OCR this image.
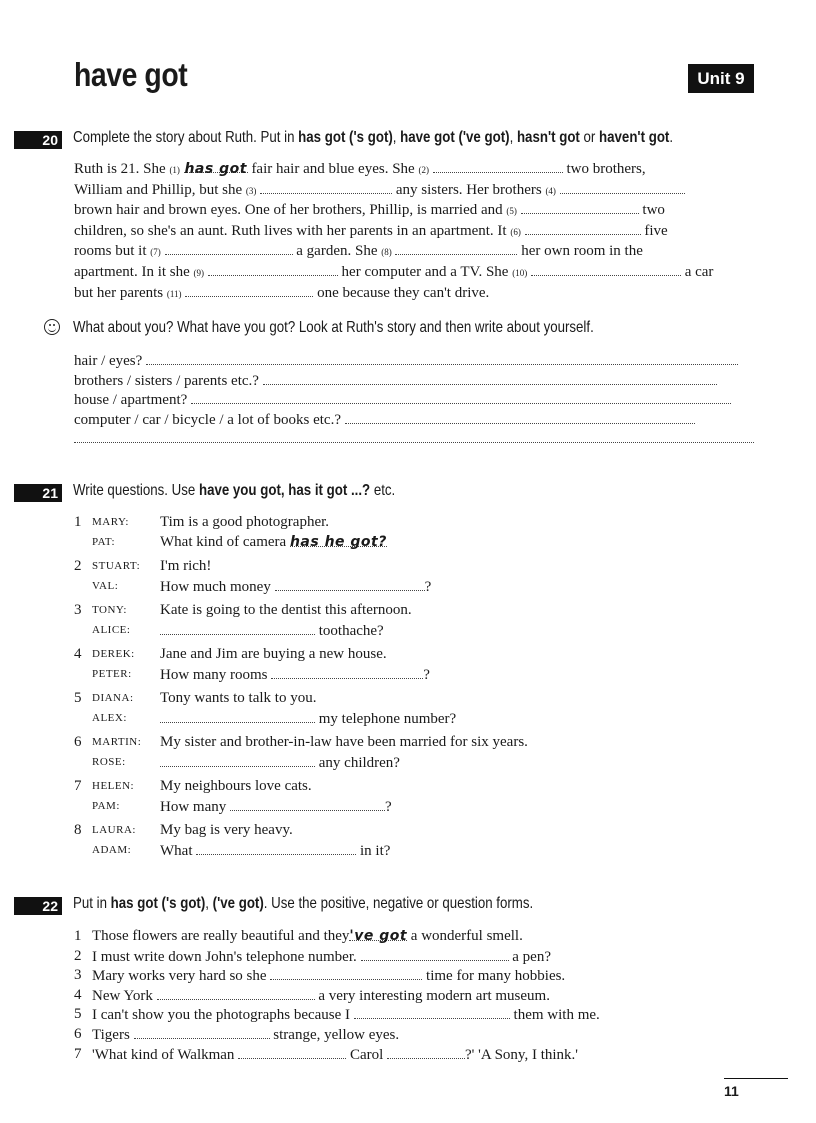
have got	Unit 9
20 Complete the story about Ruth. Put in has got ('s got), have got ('ve got), hasn't got or haven't got.
Ruth is 21. She (1) has got fair hair and blue eyes. She (2)	two brothers,
William and Phillip, but she (3)	any sisters. Her brothers (4)
brown hair and brown eyes. One of her brothers, Phillip, is married and (5)	two
children, so she's an aunt. Ruth lives with her parents in an apartment. It (6)	five
rooms but it (7)	a garden. She (8)	her own room in the
apartment. In it she (9)	her computer and a TV. She (10)	a car
but her parents (11)	one because they can't drive.
What about you? What have you got? Look at Ruth's story and then write about yourself.
hair / eyes?
brothers / sisters / parents etc.?
house / apartment?
computer / car / bicycle / a lot of books etc.?
21 Write questions. Use have you got, has it got ...? etc.
1 MARY: Tim is a good photographer.
PAT:	What kind of camera has he got?
2 STUART: I'm rich!
VAL:	How much money	?
3 TONY: Kate is going to the dentist this afternoon.
ALICE:	toothache?
4 DEREK: Jane and Jim are buying a new house.
PETER: How many rooms	?
5 DIANA: Tony wants to talk to you.
ALEX:	my telephone number?
6 MARTIN: My sister and brother-in-law have been married for six years.
ROSE:	any children?
7 HELEN: My neighbours love cats.
PAM:	How many	?
8 LAURA: My bag is very heavy.
ADAM: What	in it?
22 Put in has got ('s got), ('ve got). Use the positive, negative or question forms.
1 Those flowers are really beautiful and they've got a wonderful smell.
2 I must write down John's telephone number.	a pen?
3 Mary works very hard so she	time for many hobbies.
4 New York	a very interesting modern art museum.
5 I can't show you the photographs because I	them with me.
6 Tigers	strange, yellow eyes.
7 'What kind of Walkman	Carol	?' 'A Sony, I think.'
11
